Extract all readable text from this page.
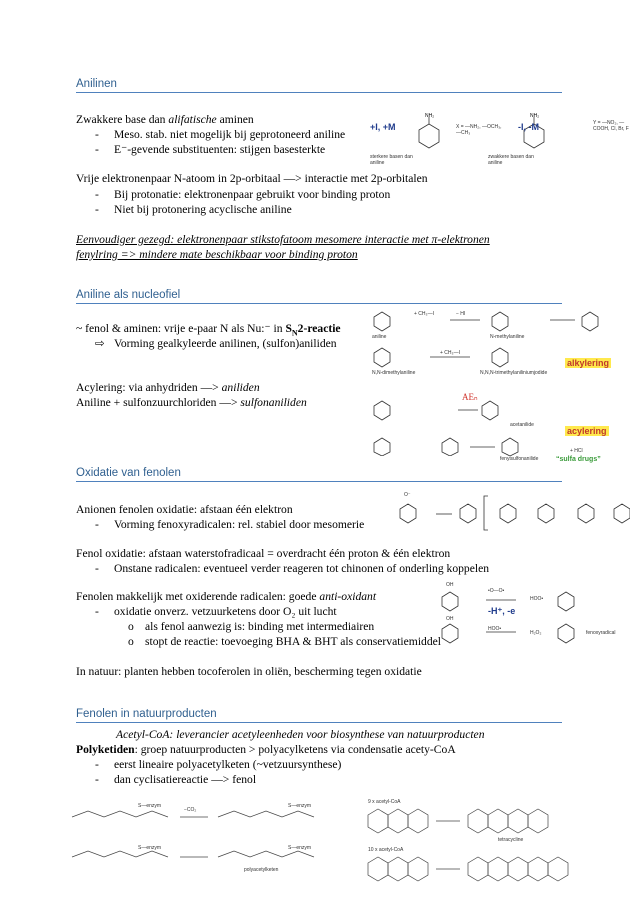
Anilinen
Zwakkere base dan alifatische aminen
- Meso. stab. niet mogelijk bij geprotoneerd aniline
- E⁻-gevende substituenten: stijgen basesterkte
Vrije elektronenpaar N-atoom in 2p-orbitaal —> interactie met 2p-orbitalen
- Bij protonatie: elektronenpaar gebruikt voor binding proton
- Niet bij protonering acyclische aniline
Eenvoudiger gezegd: elektronenpaar stikstofatoom mesomere interactie met π-elektronen
fenylring => mindere mate beschikbaar voor binding proton
+I, +M
NH₂	NH₂
X = —NH₂, —OCH₃, —CH₃
-I, -M	Y = —NO₂, —COOH, Cl, Br, F
sterkere basen dan aniline
zwakkere basen dan aniline
Aniline als nucleofiel
~ fenol & aminen: vrije e-paar N als Nu:⁻ in $S_N2$-reactie
⇨ Vorming gealkyleerde anilinen, (sulfon)aniliden
Acylering: via anhydriden —> aniliden
Aniline + sulfonzuurchloriden —> sulfonaniliden
aniline	N-methylaniline
N,N-dimethylaniline	N,N,N-trimethylaniliniumjodide
acetanilide
fenylsulfonanilide
+ CH₃—I	− HI
+ CH₃—I
+ HCl
AEₙ
alkylering
acylering
“sulfa drugs”
Oxidatie van fenolen
Anionen fenolen oxidatie: afstaan één elektron
- Vorming fenoxyradicalen: rel. stabiel door mesomerie
Fenol oxidatie: afstaan waterstofradicaal = overdracht één proton & één elektron
- Onstane radicalen: eventueel verder reageren tot chinonen of onderling koppelen
Fenolen makkelijk met oxiderende radicalen: goede anti-oxidant
- oxidatie onverz. vetzuurketens door O₂ uit lucht
o als fenol aanwezig is: binding met intermediairen
o stopt de reactie: toevoeging BHA & BHT als conservatiemiddel
In natuur: planten hebben tocoferolen in oliën, bescherming tegen oxidatie
O⁻
OH
•O—O•
HOO•
-H⁺, -e
OH
HOO•
H₂O₂	fenoxyradical
Fenolen in natuurproducten
Acetyl-CoA: leverancier acetyleenheden voor biosynthese van natuurproducten
Polyketiden: groep natuurproducten > polyacylketens via condensatie acety-CoA
- eerst lineaire polyacetylketen (~vetzuursynthese)
- dan cyclisatiereactie —> fenol
S—enzym
−CO₂
S—enzym
S—enzym	S—enzym
polyacetylketen
9 x acetyl-CoA
tetracycline
10 x acetyl-CoA
